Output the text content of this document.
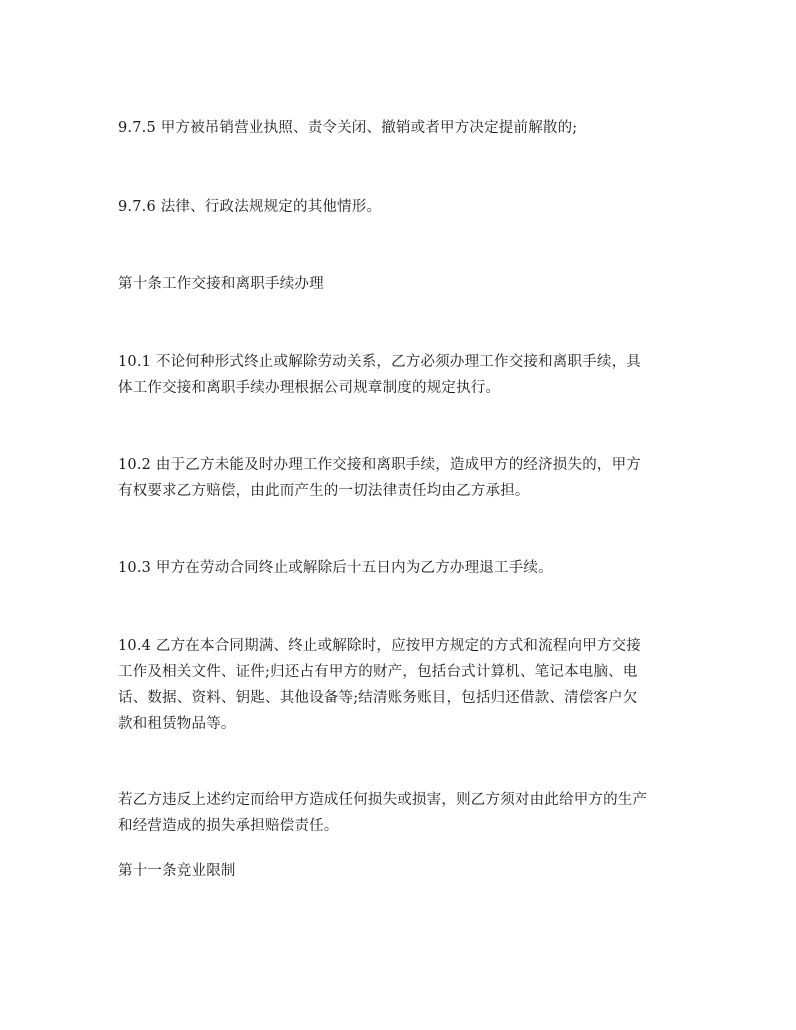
9.7.5 甲方被吊销营业执照、责令关闭、撤销或者甲方决定提前解散的;

9.7.6 法律、行政法规规定的其他情形。

第十条工作交接和离职手续办理

10.1 不论何种形式终止或解除劳动关系，乙方必须办理工作交接和离职手续，具
体工作交接和离职手续办理根据公司规章制度的规定执行。

10.2 由于乙方未能及时办理工作交接和离职手续，造成甲方的经济损失的，甲方
有权要求乙方赔偿，由此而产生的一切法律责任均由乙方承担。

10.3 甲方在劳动合同终止或解除后十五日内为乙方办理退工手续。

10.4 乙方在本合同期满、终止或解除时，应按甲方规定的方式和流程向甲方交接
工作及相关文件、证件;归还占有甲方的财产，包括台式计算机、笔记本电脑、电
话、数据、资料、钥匙、其他设备等;结清账务账目，包括归还借款、清偿客户欠
款和租赁物品等。

若乙方违反上述约定而给甲方造成任何损失或损害，则乙方须对由此给甲方的生产
和经营造成的损失承担赔偿责任。

第十一条竞业限制
